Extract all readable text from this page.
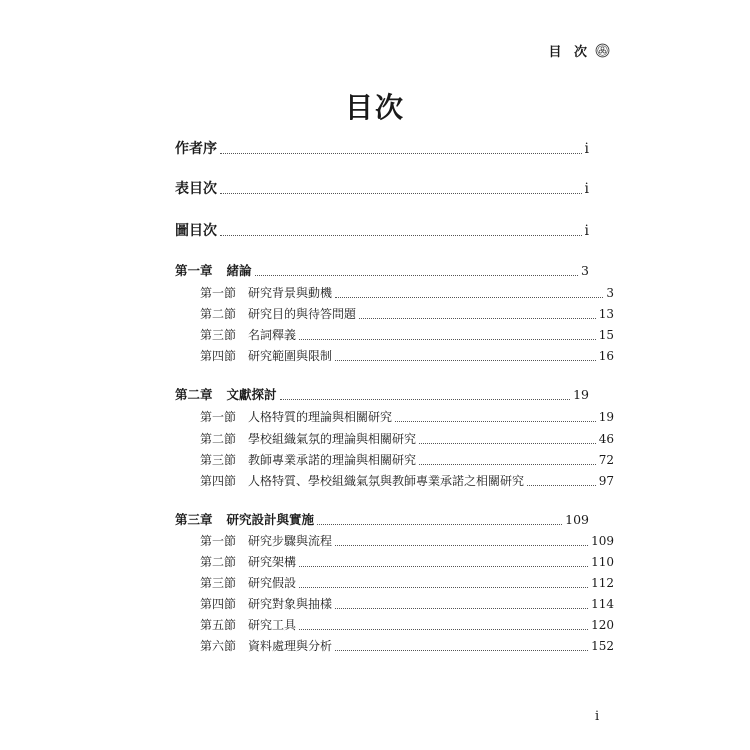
目 次
目次
作者序	i
表目次	i
圖目次	i
第一章 緒論	3
第一節 研究背景與動機	3
第二節 研究目的與待答問題	13
第三節 名詞釋義	15
第四節 研究範圍與限制	16
第二章 文獻探討	19
第一節 人格特質的理論與相關研究	19
第二節 學校組織氣氛的理論與相關研究	46
第三節 教師專業承諾的理論與相關研究	72
第四節 人格特質、學校組織氣氛與教師專業承諾之相關研究	97
第三章 研究設計與實施	109
第一節 研究步驟與流程	109
第二節 研究架構	110
第三節 研究假設	112
第四節 研究對象與抽樣	114
第五節 研究工具	120
第六節 資料處理與分析	152
i
